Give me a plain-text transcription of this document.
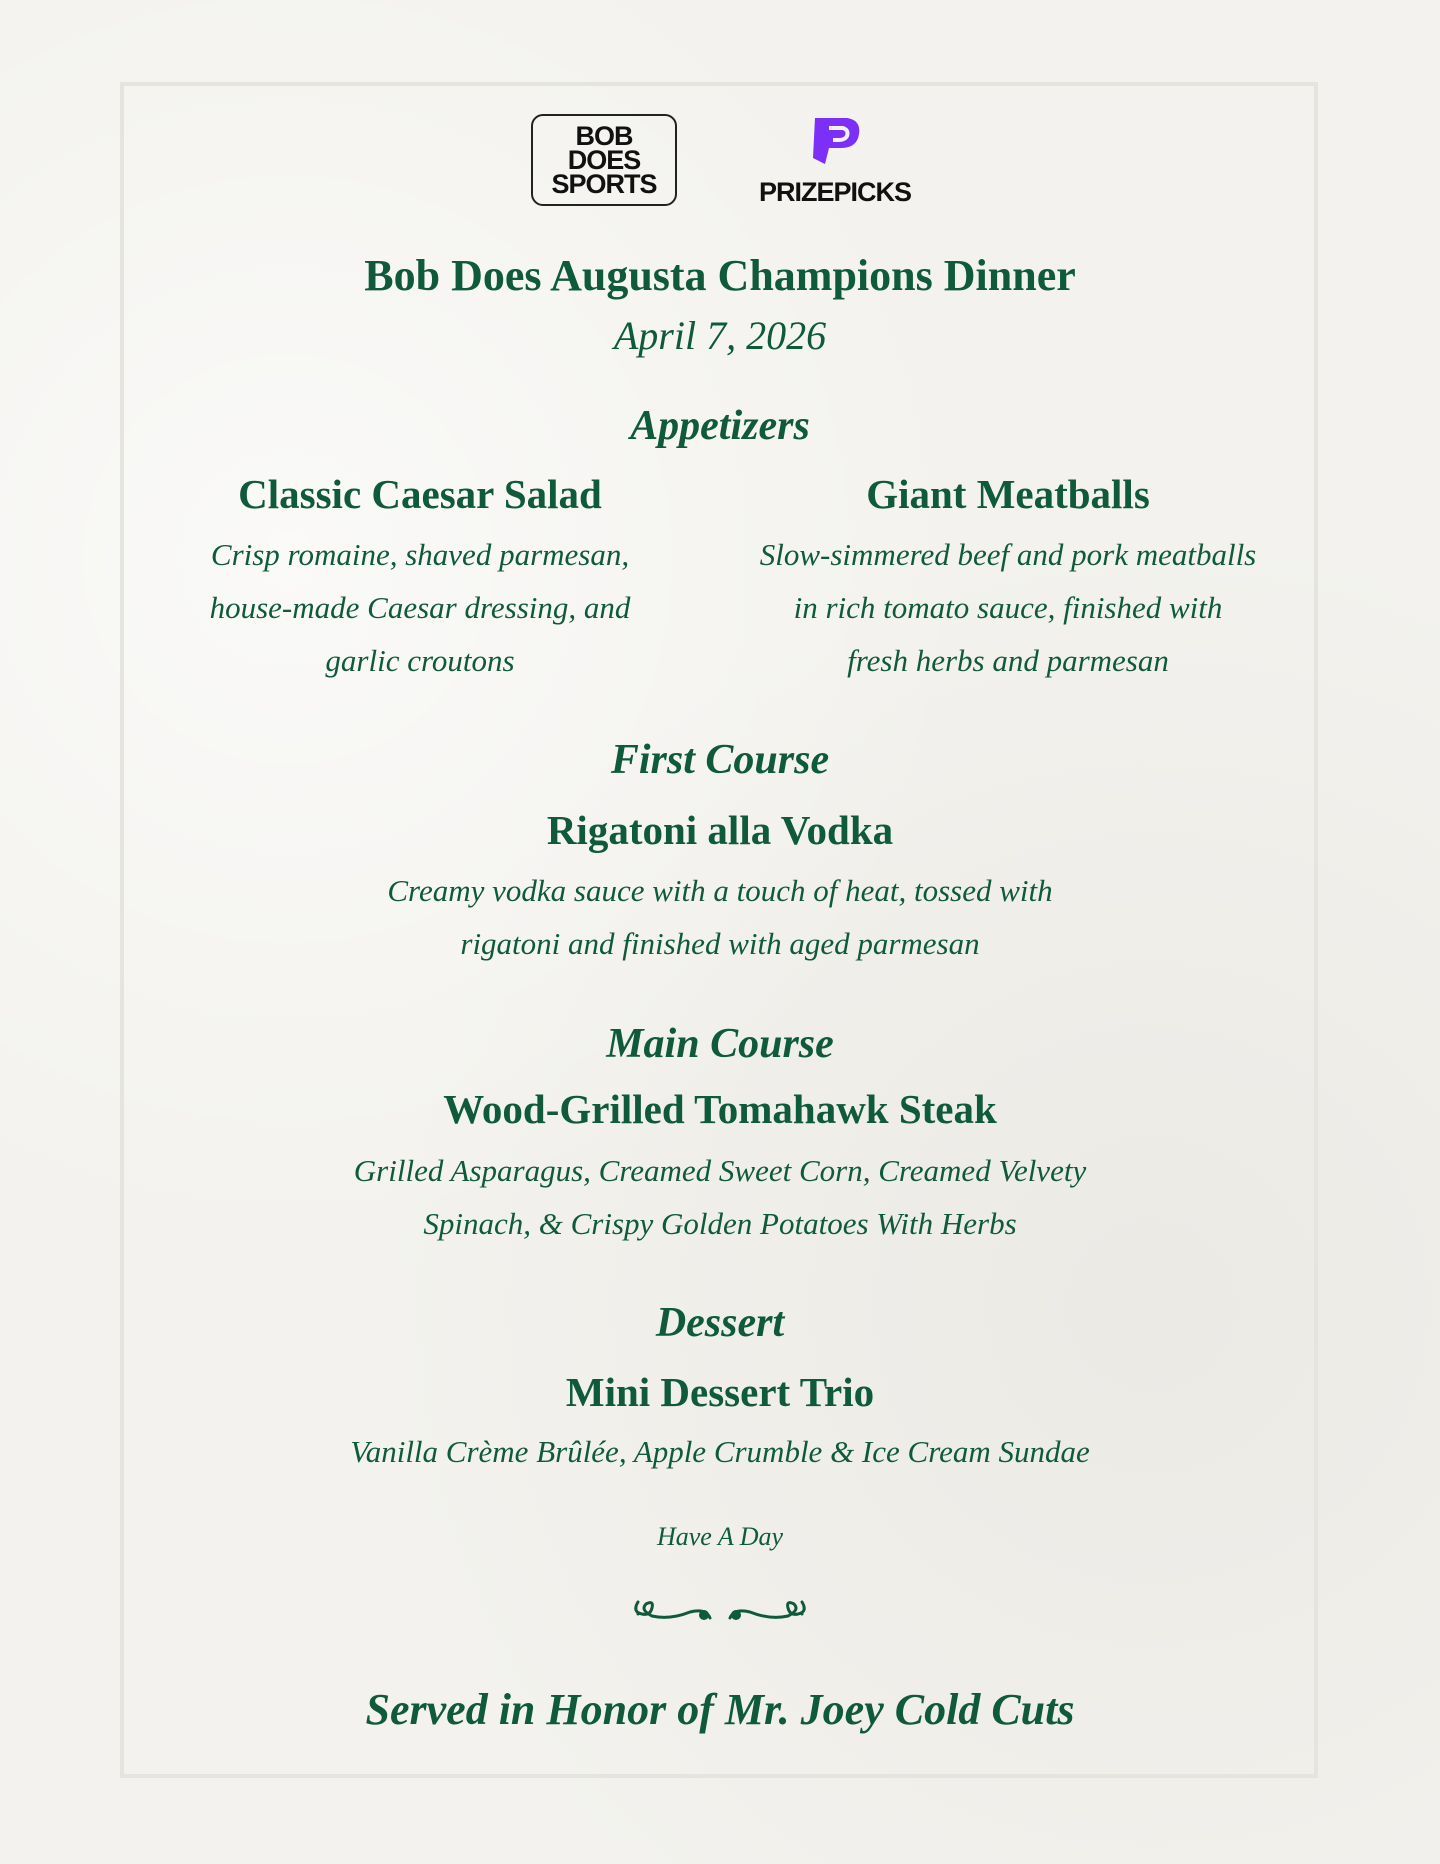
BOB
DOES
SPORTS	PRIZEPICKS
Bob Does Augusta Champions Dinner
April 7, 2026
Appetizers
Classic Caesar Salad
Crisp romaine, shaved parmesan,
house-made Caesar dressing, and
garlic croutons
Giant Meatballs
Slow-simmered beef and pork meatballs
in rich tomato sauce, finished with
fresh herbs and parmesan
First Course
Rigatoni alla Vodka
Creamy vodka sauce with a touch of heat, tossed with
rigatoni and finished with aged parmesan
Main Course
Wood-Grilled Tomahawk Steak
Grilled Asparagus, Creamed Sweet Corn, Creamed Velvety
Spinach, & Crispy Golden Potatoes With Herbs
Dessert
Mini Dessert Trio
Vanilla Crème Brûlée, Apple Crumble & Ice Cream Sundae
Have A Day
Served in Honor of Mr. Joey Cold Cuts
